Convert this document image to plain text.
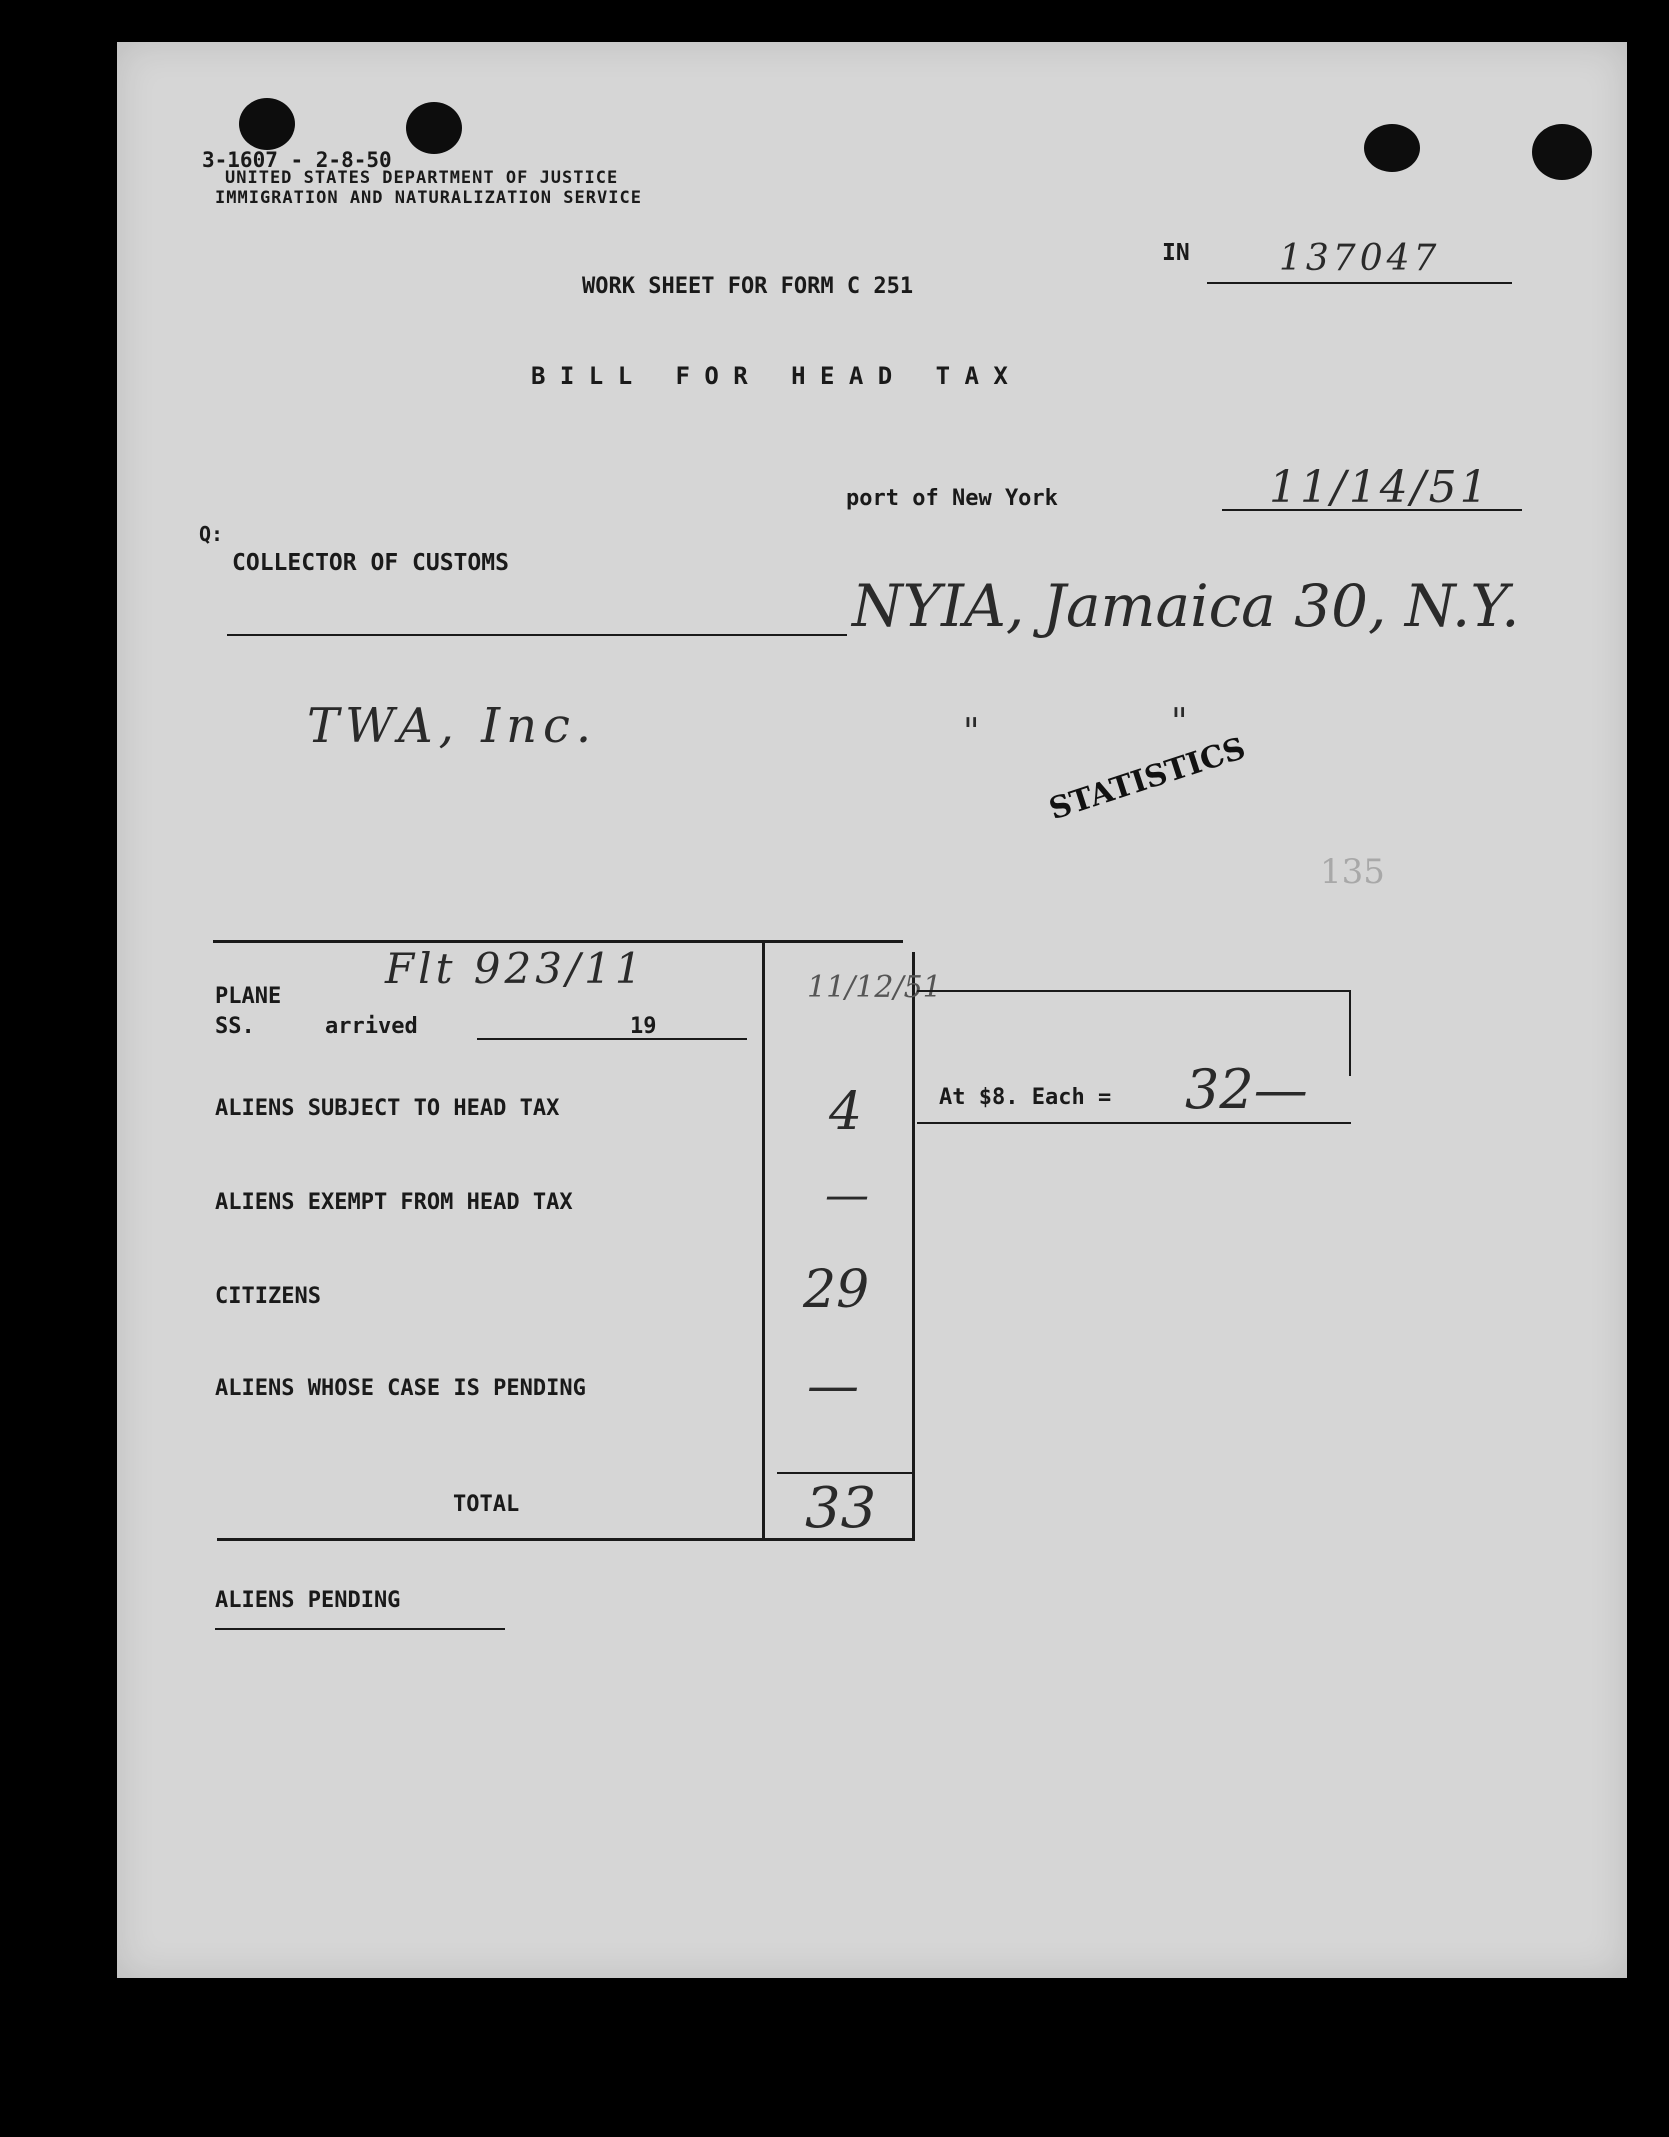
3-1607 - 2-8-50
UNITED STATES DEPARTMENT OF JUSTICE
IMMIGRATION AND NATURALIZATION SERVICE
IN 137047
WORK SHEET FOR FORM C 251
B I L L   F O R   H E A D   T A X
port of New York	11/14/51
Q:
COLLECTOR OF CUSTOMS
NYIA, Jamaica 30, N.Y.
TWA, Inc.	"	"
STATISTICS
135
PLANE
SS.	arrived	19
Flt 923/11	11/12/51
ALIENS SUBJECT TO HEAD TAX	4
ALIENS EXEMPT FROM HEAD TAX	—
CITIZENS	29
ALIENS WHOSE CASE IS PENDING	—
TOTAL	33
At $8. Each = 32—
ALIENS PENDING
